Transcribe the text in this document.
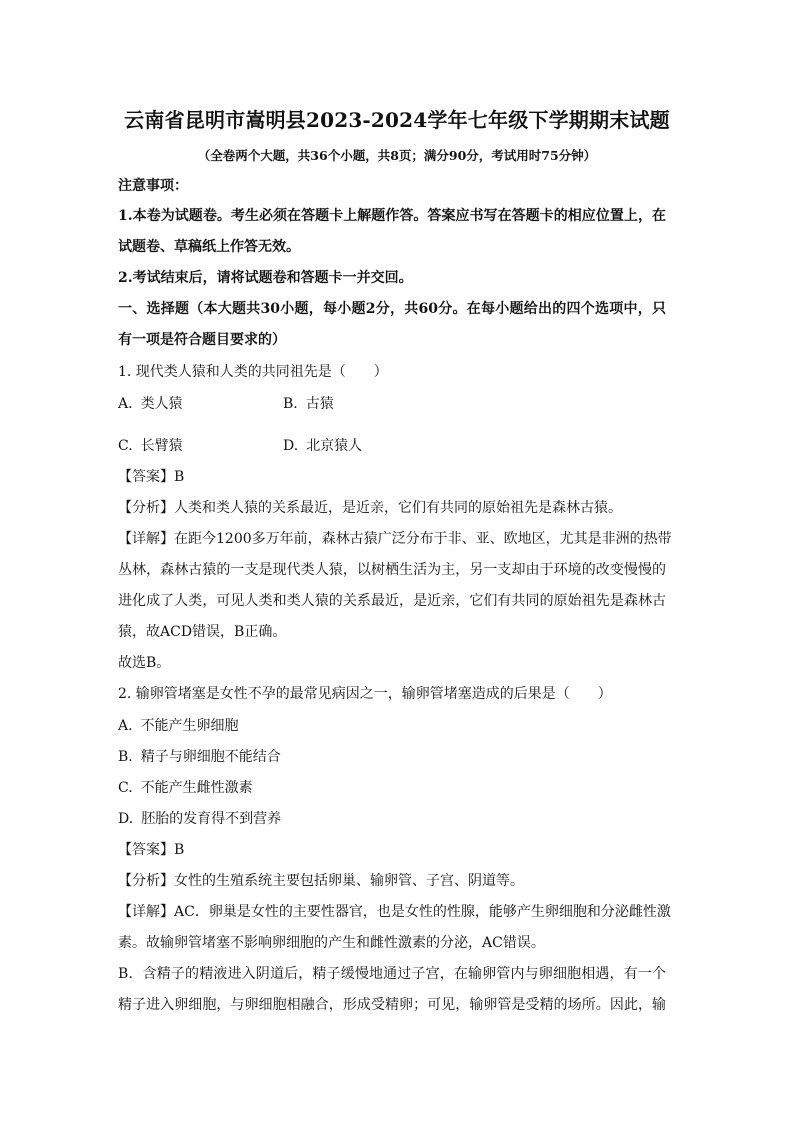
云南省昆明市嵩明县2023-2024学年七年级下学期期末试题
（全卷两个大题，共36个小题，共8页；满分90分，考试用时75分钟）
注意事项：
1.本卷为试题卷。考生必须在答题卡上解题作答。答案应书写在答题卡的相应位置上，在
试题卷、草稿纸上作答无效。
2.考试结束后，请将试题卷和答题卡一并交回。
一、选择题（本大题共30小题，每小题2分，共60分。在每小题给出的四个选项中，只
有一项是符合题目要求的）
1. 现代类人猿和人类的共同祖先是（　　）
A. 类人猿	B. 古猿
C. 长臂猿	D. 北京猿人
【答案】B
【分析】人类和类人猿的关系最近，是近亲，它们有共同的原始祖先是森林古猿。
【详解】在距今1200多万年前，森林古猿广泛分布于非、亚、欧地区，尤其是非洲的热带
丛林，森林古猿的一支是现代类人猿，以树栖生活为主，另一支却由于环境的改变慢慢的
进化成了人类，可见人类和类人猿的关系最近，是近亲，它们有共同的原始祖先是森林古
猿，故ACD错误，B正确。
故选B。
2. 输卵管堵塞是女性不孕的最常见病因之一，输卵管堵塞造成的后果是（　　）
A. 不能产生卵细胞
B. 精子与卵细胞不能结合
C. 不能产生雌性激素
D. 胚胎的发育得不到营养
【答案】B
【分析】女性的生殖系统主要包括卵巢、输卵管、子宫、阴道等。
【详解】AC．卵巢是女性的主要性器官，也是女性的性腺，能够产生卵细胞和分泌雌性激
素。故输卵管堵塞不影响卵细胞的产生和雌性激素的分泌，AC错误。
B．含精子的精液进入阴道后，精子缓慢地通过子宫，在输卵管内与卵细胞相遇，有一个
精子进入卵细胞，与卵细胞相融合，形成受精卵；可见，输卵管是受精的场所。因此，输
